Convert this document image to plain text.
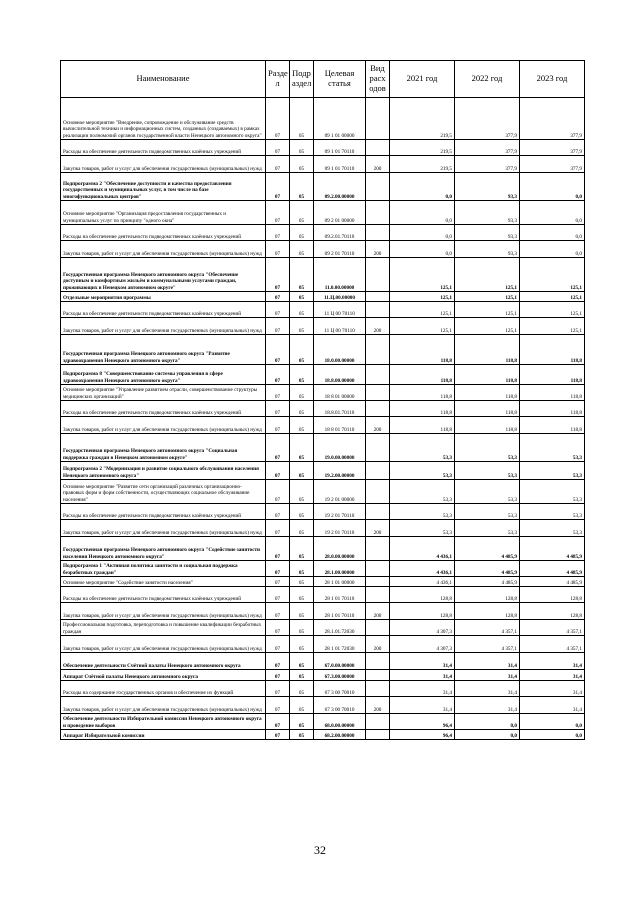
Наименование	Разде л	Подр аздел	Целевая статья	Вид расх одов	2021 год	2022 год	2023 год
Основное мероприятие "Внедрение, сопровождение и обслуживание средств вычислительной техники и информационных систем, созданных (создаваемых) в рамках реализации полномочий органов государственной власти Ненецкого автономного округа"	07	05	09 1 01 00000		219,5	377,9	377,9
Расходы на обеспечение деятельности подведомственных казённых учреждений	07	05	09 1 01 70110		219,5	377,9	377,9
Закупка товаров, работ и услуг для обеспечения государственных (муниципальных) нужд	07	05	09 1 01 70110	200	219,5	377,9	377,9
Подпрограмма 2 "Обеспечение доступности и качества предоставления государственных и муниципальных услуг, в том числе на базе многофункциональных центров"	07	05	09.2.00.00000		0,0	93,3	0,0
Основное мероприятие "Организация предоставления государственных и муниципальных услуг по принципу "одного окна"	07	05	09 2 01 00000		0,0	93,3	0,0
Расходы на обеспечение деятельности подведомственных казённых учреждений	07	05	09.2.01.70110		0,0	93,3	0,0
Закупка товаров, работ и услуг для обеспечения государственных (муниципальных) нужд	07	05	09 2 01 70110	200	0,0	93,3	0,0
Государственная программа Ненецкого автономного округа "Обеспечение доступным и комфортным жильём и коммунальными услугами граждан, проживающих в Ненецком автономном округе"	07	05	11.0.00.00000		125,1	125,1	125,1
Отдельные мероприятия программы	07	05	11.Ц.00.00000		125,1	125,1	125,1
Расходы на обеспечение деятельности подведомственных казённых учреждений	07	05	11 Ц 00 70110		125,1	125,1	125,1
Закупка товаров, работ и услуг для обеспечения государственных (муниципальных) нужд	07	05	11 Ц 00 70110	200	125,1	125,1	125,1
Государственная программа Ненецкого автономного округа "Развитие здравоохранения Ненецкого автономного округа"	07	05	18.0.00.00000		118,8	118,8	118,8
Подпрограмма 8 "Совершенствование системы управления в сфере здравоохранения Ненецкого автономного округа"	07	05	18.8.00.00000		118,8	118,8	118,8
Основное мероприятие "Управление развитием отрасли, совершенствование структуры медицинских организаций"	07	05	18 8 01 00000		118,8	118,8	118,8
Расходы на обеспечение деятельности подведомственных казённых учреждений	07	05	18.8.01.70110		118,8	118,8	118,8
Закупка товаров, работ и услуг для обеспечения государственных (муниципальных) нужд	07	05	18 8 01 70110	200	118,8	118,8	118,8
Государственная программа Ненецкого автономного округа "Социальная поддержка граждан в Ненецком автономном округе"	07	05	19.0.00.00000		53,3	53,3	53,3
Подпрограмма 2 "Модернизация и развитие социального обслуживания населения Ненецкого автономного округа"	07	05	19.2.00.00000		53,3	53,3	53,3
Основное мероприятие "Развитие сети организаций различных организационно-правовых форм и форм собственности, осуществляющих социальное обслуживание населения"	07	05	19 2 01 00000		53,3	53,3	53,3
Расходы на обеспечение деятельности подведомственных казённых учреждений	07	05	19 2 01 70110		53,3	53,3	53,3
Закупка товаров, работ и услуг для обеспечения государственных (муниципальных) нужд	07	05	19 2 01 70110	200	53,3	53,3	53,3
Государственная программа Ненецкого автономного округа "Содействие занятости населения Ненецкого автономного округа"	07	05	28.0.00.00000		4 436,1	4 485,9	4 485,9
Подпрограмма 1 "Активная политика занятости и социальная поддержка безработных граждан"	07	05	28.1.00.00000		4 436,1	4 485,9	4 485,9
Основное мероприятие "Содействие занятости населения"	07	05	28 1 01 00000		4 436,1	4 485,9	4 485,9
Расходы на обеспечение деятельности подведомственных казённых учреждений	07	05	28 1 01 70110		128,8	128,8	128,8
Закупка товаров, работ и услуг для обеспечения государственных (муниципальных) нужд	07	05	28 1 01 70110	200	128,8	128,8	128,8
Профессиональная подготовка, переподготовка и повышение квалификации безработных граждан	07	05	28.1.01.72030		4 307,3	4 357,1	4 357,1
Закупка товаров, работ и услуг для обеспечения государственных (муниципальных) нужд	07	05	28 1 01 72030	200	4 307,3	4 357,1	4 357,1
Обеспечение деятельности Счётной палаты Ненецкого автономного округа	07	05	67.0.00.00000		31,4	31,4	31,4
Аппарат Счётной палаты Ненецкого автономного округа	07	05	67.3.00.00000		31,4	31,4	31,4
Расходы на содержание государственных органов и обеспечение их функций	07	05	67 3 00 70010		31,4	31,4	31,4
Закупка товаров, работ и услуг для обеспечения государственных (муниципальных) нужд	07	05	67 3 00 70010	200	31,4	31,4	31,4
Обеспечение деятельности Избирательной комиссии Ненецкого автономного округа и проведение выборов	07	05	68.0.00.00000		96,4	0,0	0,0
Аппарат Избирательной комиссии	07	05	68.2.00.00000		96,4	0,0	0,0
32
